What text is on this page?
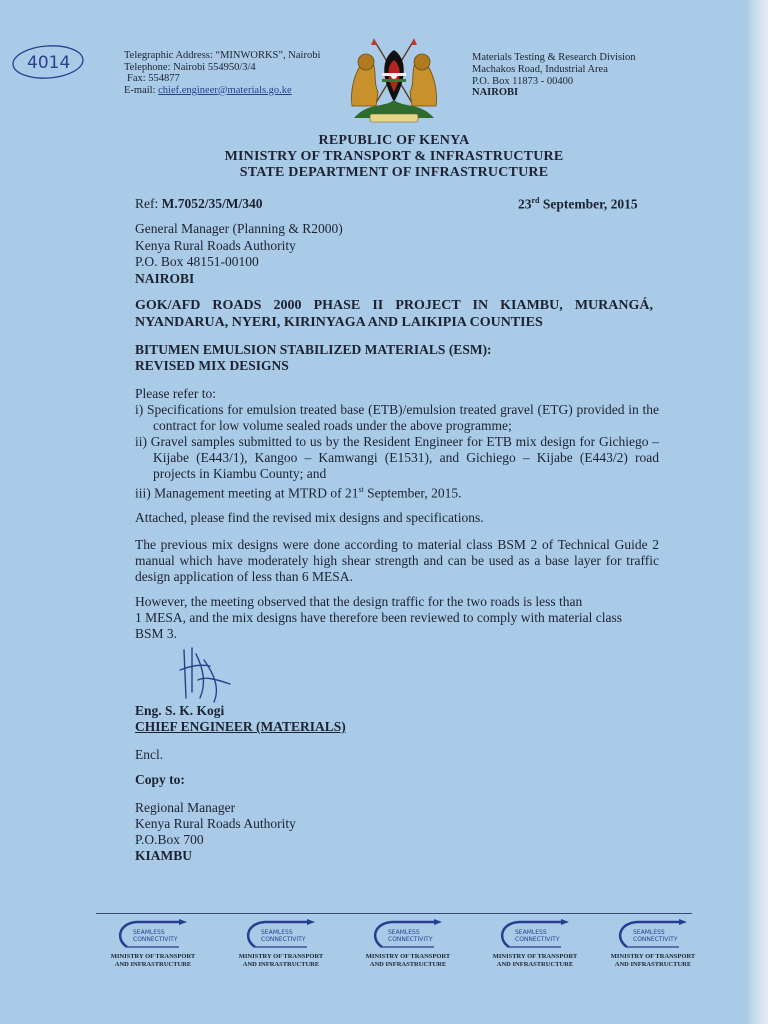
4014	Telegraphic Address: “MINWORKS”, Nairobi
Telephone: Nairobi 554950/3/4
Fax: 554877
E-mail: chief.engineer@materials.go.ke
Materials Testing & Research Division
Machakos Road, Industrial Area
P.O. Box 11873 - 00400
NAIROBI
REPUBLIC OF KENYA
MINISTRY OF TRANSPORT & INFRASTRUCTURE
STATE DEPARTMENT OF INFRASTRUCTURE
Ref: M.7052/35/M/340	23rd September, 2015
General Manager (Planning & R2000)
Kenya Rural Roads Authority
P.O. Box 48151-00100
NAIROBI
GOK/AFD ROADS 2000 PHASE II PROJECT IN KIAMBU, MURANGÁ, NYANDARUA, NYERI, KIRINYAGA AND LAIKIPIA COUNTIES
BITUMEN EMULSION STABILIZED MATERIALS (ESM):
REVISED MIX DESIGNS
Please refer to:
i) Specifications for emulsion treated base (ETB)/emulsion treated gravel (ETG) provided in the contract for low volume sealed roads under the above programme;
ii) Gravel samples submitted to us by the Resident Engineer for ETB mix design for Gichiego – Kijabe (E443/1), Kangoo – Kamwangi (E1531), and Gichiego – Kijabe (E443/2) road projects in Kiambu County; and
iii) Management meeting at MTRD of 21st September, 2015.
Attached, please find the revised mix designs and specifications.
The previous mix designs were done according to material class BSM 2 of Technical Guide 2 manual which have moderately high shear strength and can be used as a base layer for traffic design application of less than 6 MESA.
However, the meeting observed that the design traffic for the two roads is less than
1 MESA, and the mix designs have therefore been reviewed to comply with material class
BSM 3.
Eng. S. K. Kogi
CHIEF ENGINEER (MATERIALS)
Encl.
Copy to:
Regional Manager
Kenya Rural Roads Authority
P.O.Box 700
KIAMBU
SEAMLESS
CONNECTIVITY
MINISTRY OF TRANSPORT
AND INFRASTRUCTURE
SEAMLESS
CONNECTIVITY
MINISTRY OF TRANSPORT
AND INFRASTRUCTURE
SEAMLESS
CONNECTIVITY
MINISTRY OF TRANSPORT
AND INFRASTRUCTURE
SEAMLESS
CONNECTIVITY
MINISTRY OF TRANSPORT
AND INFRASTRUCTURE
SEAMLESS
CONNECTIVITY
MINISTRY OF TRANSPORT
AND INFRASTRUCTURE
